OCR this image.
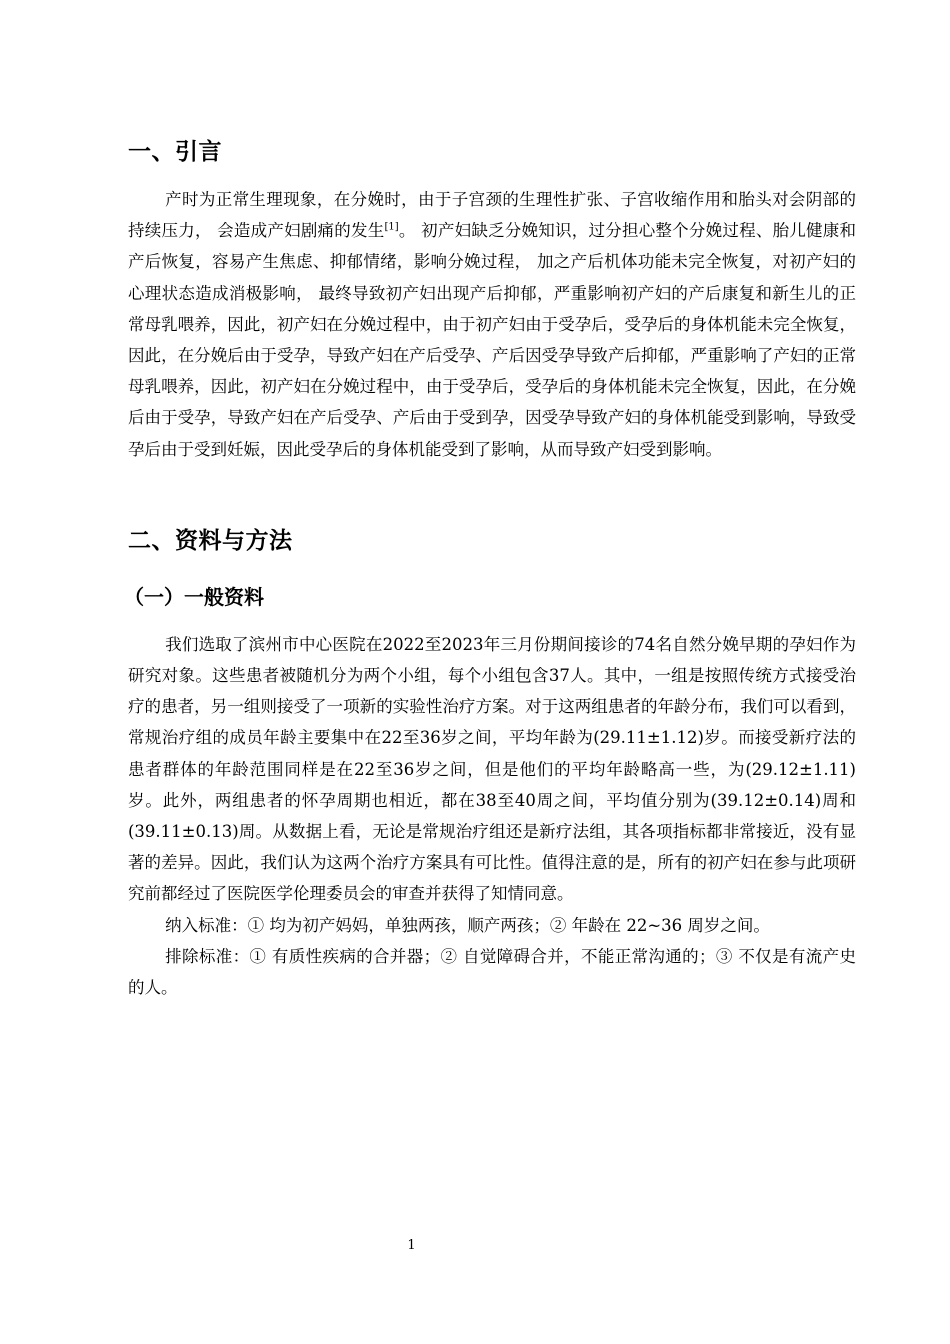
一、引言

产时为正常生理现象，在分娩时，由于子宫颈的生理性扩张、子宫收缩作用和胎头对会阴部的持续压力， 会造成产妇剧痛的发生[1]。 初产妇缺乏分娩知识，过分担心整个分娩过程、胎儿健康和产后恢复，容易产生焦虑、抑郁情绪，影响分娩过程， 加之产后机体功能未完全恢复，对初产妇的心理状态造成消极影响， 最终导致初产妇出现产后抑郁，严重影响初产妇的产后康复和新生儿的正常母乳喂养，因此，初产妇在分娩过程中，由于初产妇由于受孕后，受孕后的身体机能未完全恢复，因此，在分娩后由于受孕，导致产妇在产后受孕、产后因受孕导致产后抑郁，严重影响了产妇的正常母乳喂养，因此，初产妇在分娩过程中，由于受孕后，受孕后的身体机能未完全恢复，因此，在分娩后由于受孕，导致产妇在产后受孕、产后由于受到孕，因受孕导致产妇的身体机能受到影响，导致受孕后由于受到妊娠，因此受孕后的身体机能受到了影响，从而导致产妇受到影响。

二、资料与方法
（一）一般资料

我们选取了滨州市中心医院在2022至2023年三月份期间接诊的74名自然分娩早期的孕妇作为研究对象。这些患者被随机分为两个小组，每个小组包含37人。其中，一组是按照传统方式接受治疗的患者，另一组则接受了一项新的实验性治疗方案。对于这两组患者的年龄分布，我们可以看到，常规治疗组的成员年龄主要集中在22至36岁之间，平均年龄为(29.11±1.12)岁。而接受新疗法的患者群体的年龄范围同样是在22至36岁之间，但是他们的平均年龄略高一些，为(29.12±1.11)岁。此外，两组患者的怀孕周期也相近，都在38至40周之间，平均值分别为(39.12±0.14)周和(39.11±0.13)周。从数据上看，无论是常规治疗组还是新疗法组，其各项指标都非常接近，没有显著的差异。因此，我们认为这两个治疗方案具有可比性。值得注意的是，所有的初产妇在参与此项研究前都经过了医院医学伦理委员会的审查并获得了知情同意。

纳入标准：① 均为初产妈妈，单独两孩，顺产两孩；② 年龄在 22~36 周岁之间。

排除标准：① 有质性疾病的合并器；② 自觉障碍合并，不能正常沟通的；③ 不仅是有流产史的人。

1
